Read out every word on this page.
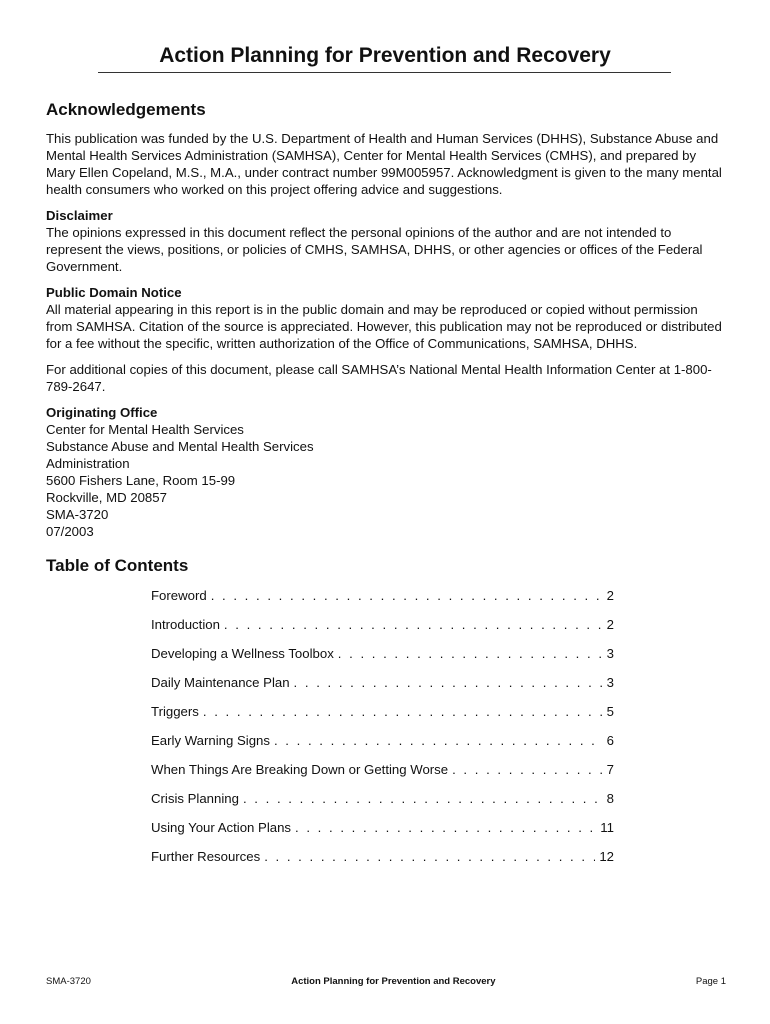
Action Planning for Prevention and Recovery
Acknowledgements

This publication was funded by the U.S. Department of Health and Human Services (DHHS), Substance Abuse and Mental Health Services Administration (SAMHSA), Center for Mental Health Services (CMHS), and prepared by Mary Ellen Copeland, M.S., M.A., under contract number 99M005957. Acknowledgment is given to the many mental health consumers who worked on this project offering advice and suggestions.

Disclaimer
The opinions expressed in this document reflect the personal opinions of the author and are not intended to represent the views, positions, or policies of CMHS, SAMHSA, DHHS, or other agencies or offices of the Federal Government.

Public Domain Notice
All material appearing in this report is in the public domain and may be reproduced or copied without permission from SAMHSA. Citation of the source is appreciated. However, this publication may not be reproduced or distributed for a fee without the specific, written authorization of the Office of Communications, SAMHSA, DHHS.

For additional copies of this document, please call SAMHSA’s National Mental Health Information Center at 1-800-789-2647.

Originating Office
Center for Mental Health Services
Substance Abuse and Mental Health Services
Administration
5600 Fishers Lane, Room 15-99
Rockville, MD 20857
SMA-3720
07/2003

Table of Contents
Foreword . . .	2
Introduction . . .	2
Developing a Wellness Toolbox . . .	3
Daily Maintenance Plan . . .	3
Triggers . . .	5
Early Warning Signs . . .	6
When Things Are Breaking Down or Getting Worse . . .	7
Crisis Planning . . .	8
Using Your Action Plans . . .	11
Further Resources . . .	12
SMA-3720	Action Planning for Prevention and Recovery	Page 1
